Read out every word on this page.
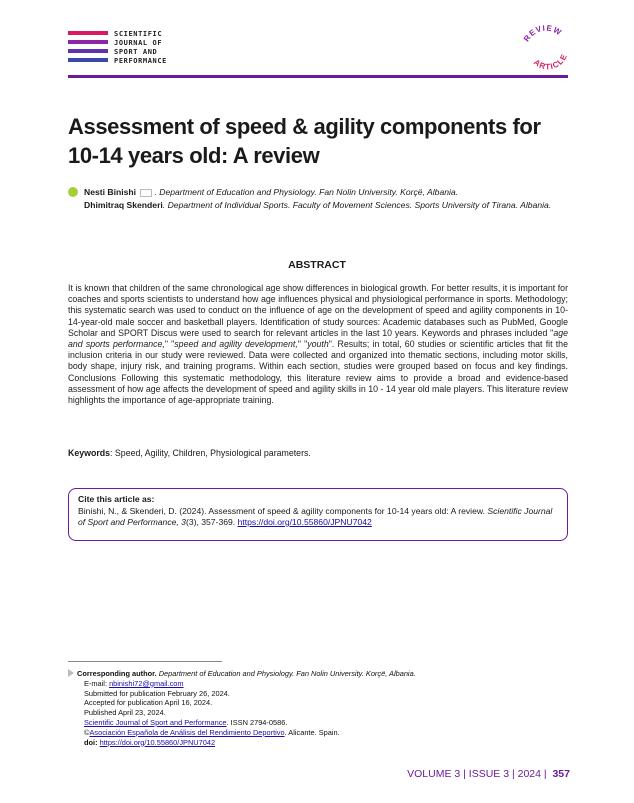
SCIENTIFIC
JOURNAL OF
SPORT AND
PERFORMANCE
REVIEW
ARTICLE
Assessment of speed & agility components for 10-14 years old: A review
Nesti Binishi . Department of Education and Physiology. Fan Nolin University. Korçë, Albania.
Dhimitraq Skenderi. Department of Individual Sports. Faculty of Movement Sciences. Sports University of Tirana. Albania.
ABSTRACT
It is known that children of the same chronological age show differences in biological growth. For better results, it is important for coaches and sports scientists to understand how age influences physical and physiological performance in sports. Methodology; this systematic search was used to conduct on the influence of age on the development of speed and agility components in 10-14-year-old male soccer and basketball players. Identification of study sources: Academic databases such as PubMed, Google Scholar and SPORT Discus were used to search for relevant articles in the last 10 years. Keywords and phrases included "age and sports performance," "speed and agility development," "youth". Results; in total, 60 studies or scientific articles that fit the inclusion criteria in our study were reviewed. Data were collected and organized into thematic sections, including motor skills, body shape, injury risk, and training programs. Within each section, studies were grouped based on focus and key findings. Conclusions Following this systematic methodology, this literature review aims to provide a broad and evidence-based assessment of how age affects the development of speed and agility skills in 10 - 14 year old male players. This literature review highlights the importance of age-appropriate training.
Keywords: Speed, Agility, Children, Physiological parameters.
Cite this article as:
Binishi, N., & Skenderi, D. (2024). Assessment of speed & agility components for 10-14 years old: A review. Scientific Journal of Sport and Performance, 3(3), 357-369. https://doi.org/10.55860/JPNU7042
Corresponding author. Department of Education and Physiology. Fan Nolin University. Korçë, Albania.
E-mail: nbinishi72@gmail.com
Submitted for publication February 26, 2024.
Accepted for publication April 16, 2024.
Published April 23, 2024.
Scientific Journal of Sport and Performance. ISSN 2794-0586.
©Asociación Española de Análisis del Rendimiento Deportivo. Alicante. Spain.
doi: https://doi.org/10.55860/JPNU7042
VOLUME 3 | ISSUE 3 | 2024 | 357
